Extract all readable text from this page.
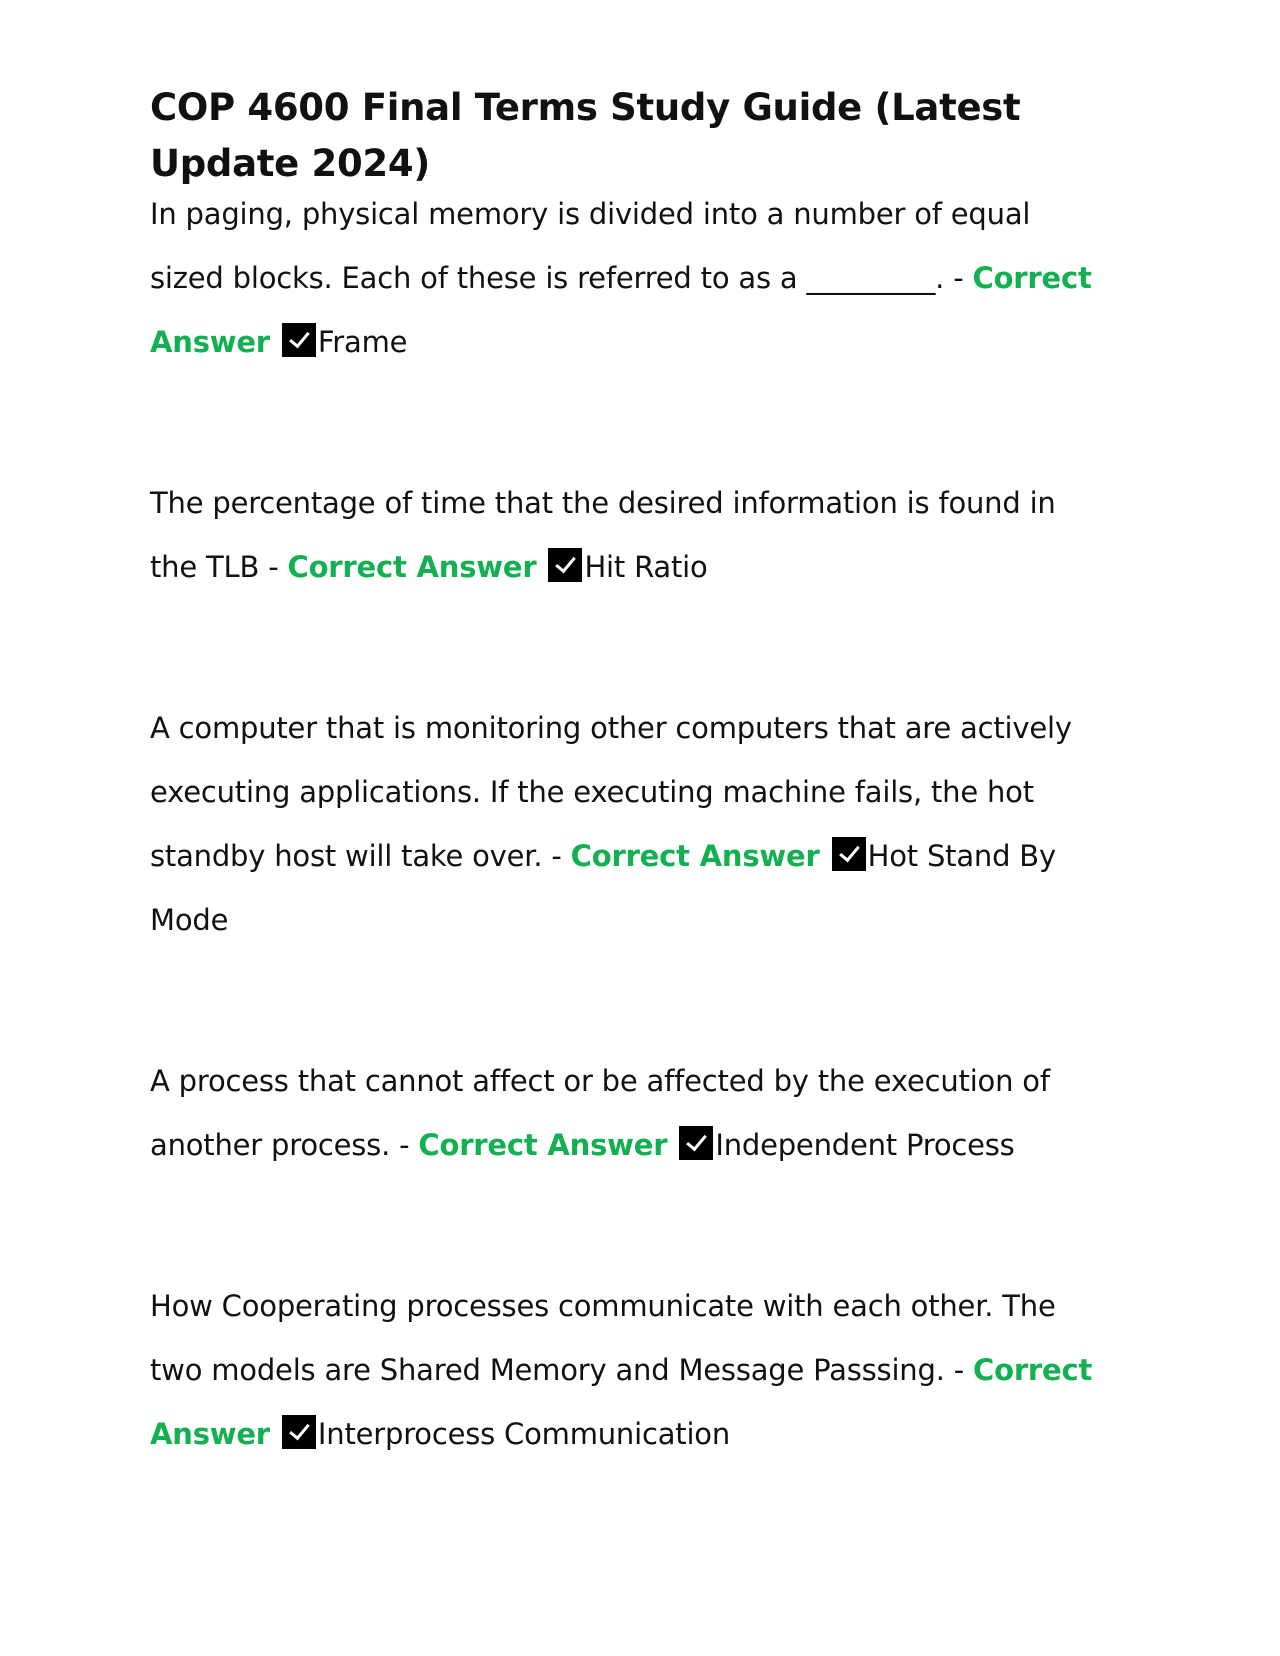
COP 4600 Final Terms Study Guide (Latest Update 2024)

In paging, physical memory is divided into a number of equal sized blocks. Each of these is referred to as a _________. - Correct Answer Frame

The percentage of time that the desired information is found in the TLB - Correct Answer Hit Ratio

A computer that is monitoring other computers that are actively executing applications. If the executing machine fails, the hot standby host will take over. - Correct Answer Hot Stand By Mode

A process that cannot affect or be affected by the execution of another process. - Correct Answer Independent Process

How Cooperating processes communicate with each other. The two models are Shared Memory and Message Passsing. - Correct Answer Interprocess Communication
